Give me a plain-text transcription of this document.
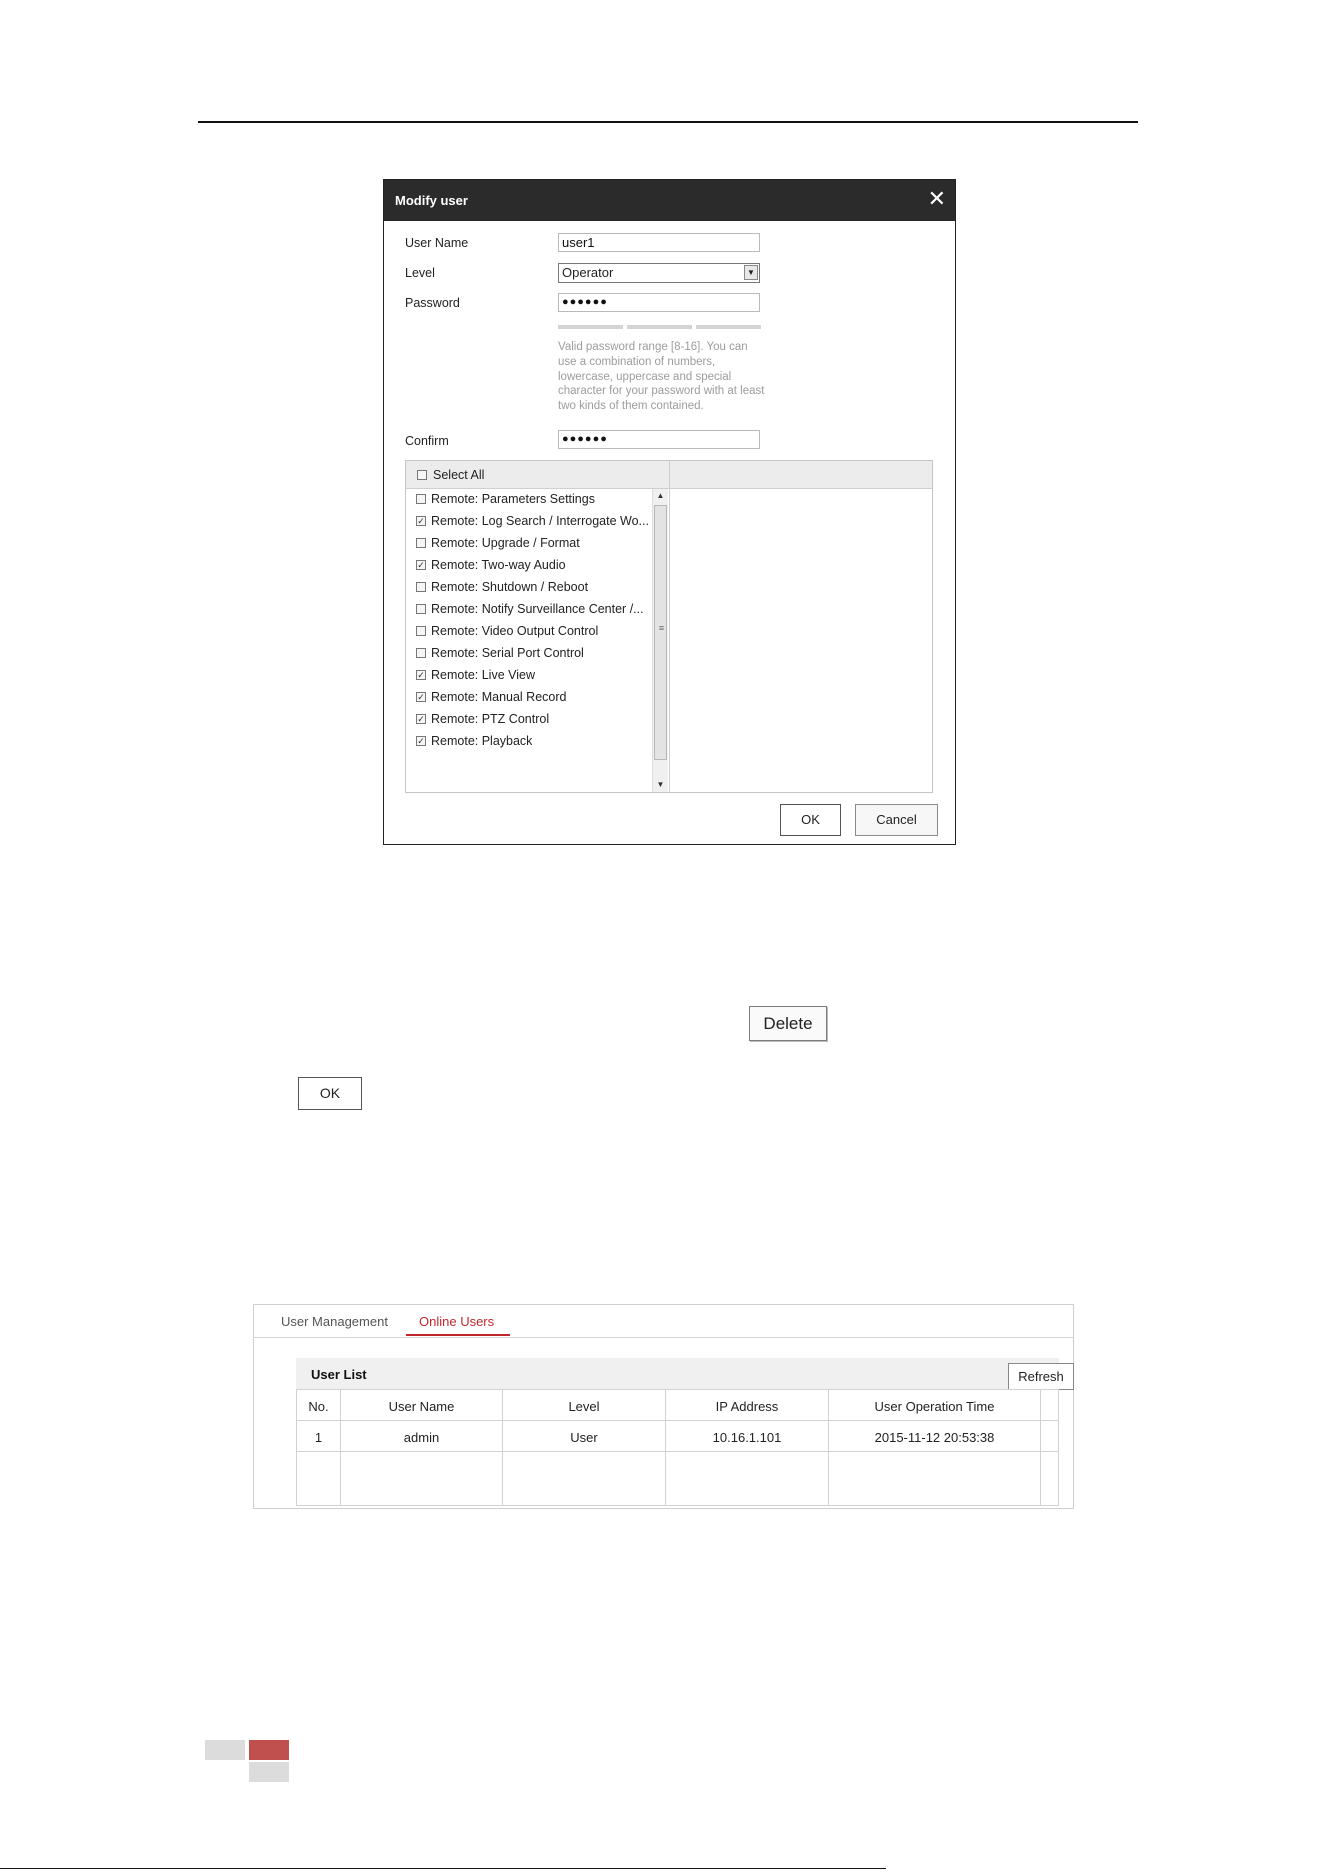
Modify user	✕
User Name	user1
Level	Operator	▼
Password	●●●●●●
Valid password range [8-16]. You can use a combination of numbers, lowercase, uppercase and special character for your password with at least two kinds of them contained.
Confirm	●●●●●●
Select All
Remote: Parameters Settings
✓ Remote: Log Search / Interrogate Wo...
Remote: Upgrade / Format
✓ Remote: Two-way Audio
Remote: Shutdown / Reboot
Remote: Notify Surveillance Center /...
Remote: Video Output Control
Remote: Serial Port Control
✓ Remote: Live View
✓ Remote: Manual Record
✓ Remote: PTZ Control
✓ Remote: Playback
▲
≡
▼
OK	Cancel
Delete
OK
User Management Online Users
User List	Refresh
No.	User Name	Level	IP Address	User Operation Time
1	admin	User	10.16.1.101	2015-11-12 20:53:38
